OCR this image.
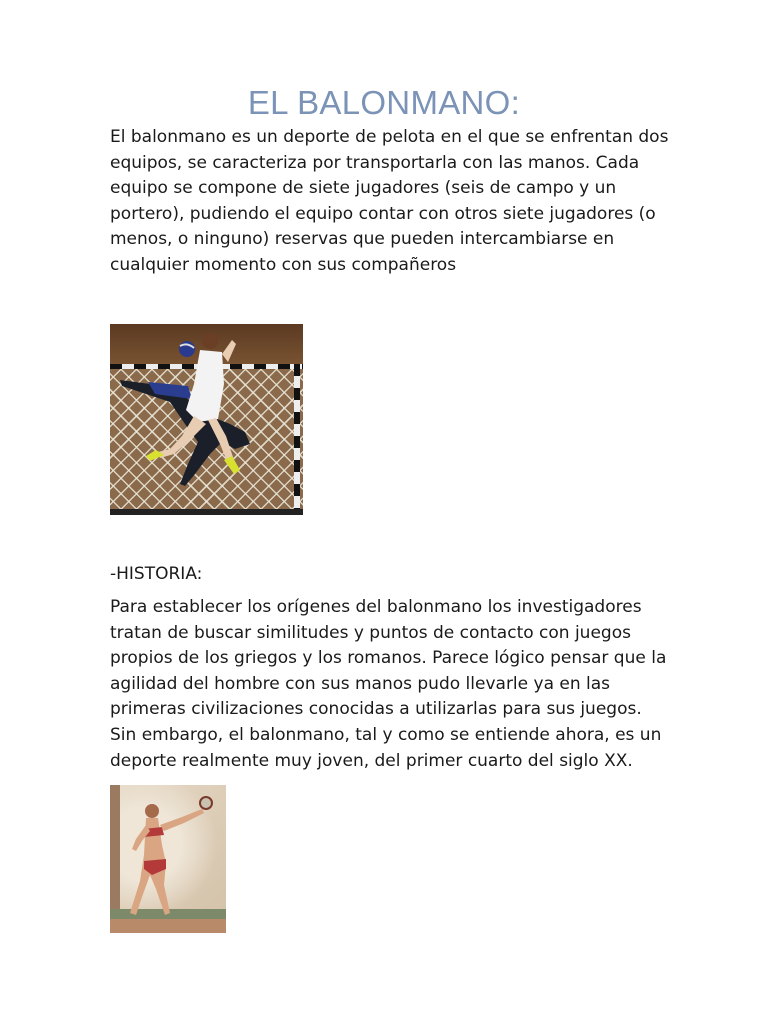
EL BALONMANO:

El balonmano es un deporte de pelota en el que se enfrentan dos equipos, se caracteriza por transportarla con las manos. Cada equipo se compone de siete jugadores (seis de campo y un portero), pudiendo el equipo contar con otros siete jugadores (o menos, o ninguno) reservas que pueden intercambiarse en cualquier momento con sus compañeros

-HISTORIA:

Para establecer los orígenes del balonmano los investigadores tratan de buscar similitudes y puntos de contacto con juegos propios de los griegos y los romanos. Parece lógico pensar que la agilidad del hombre con sus manos pudo llevarle ya en las primeras civilizaciones conocidas a utilizarlas para sus juegos. Sin embargo, el balonmano, tal y como se entiende ahora, es un deporte realmente muy joven, del primer cuarto del siglo XX.
